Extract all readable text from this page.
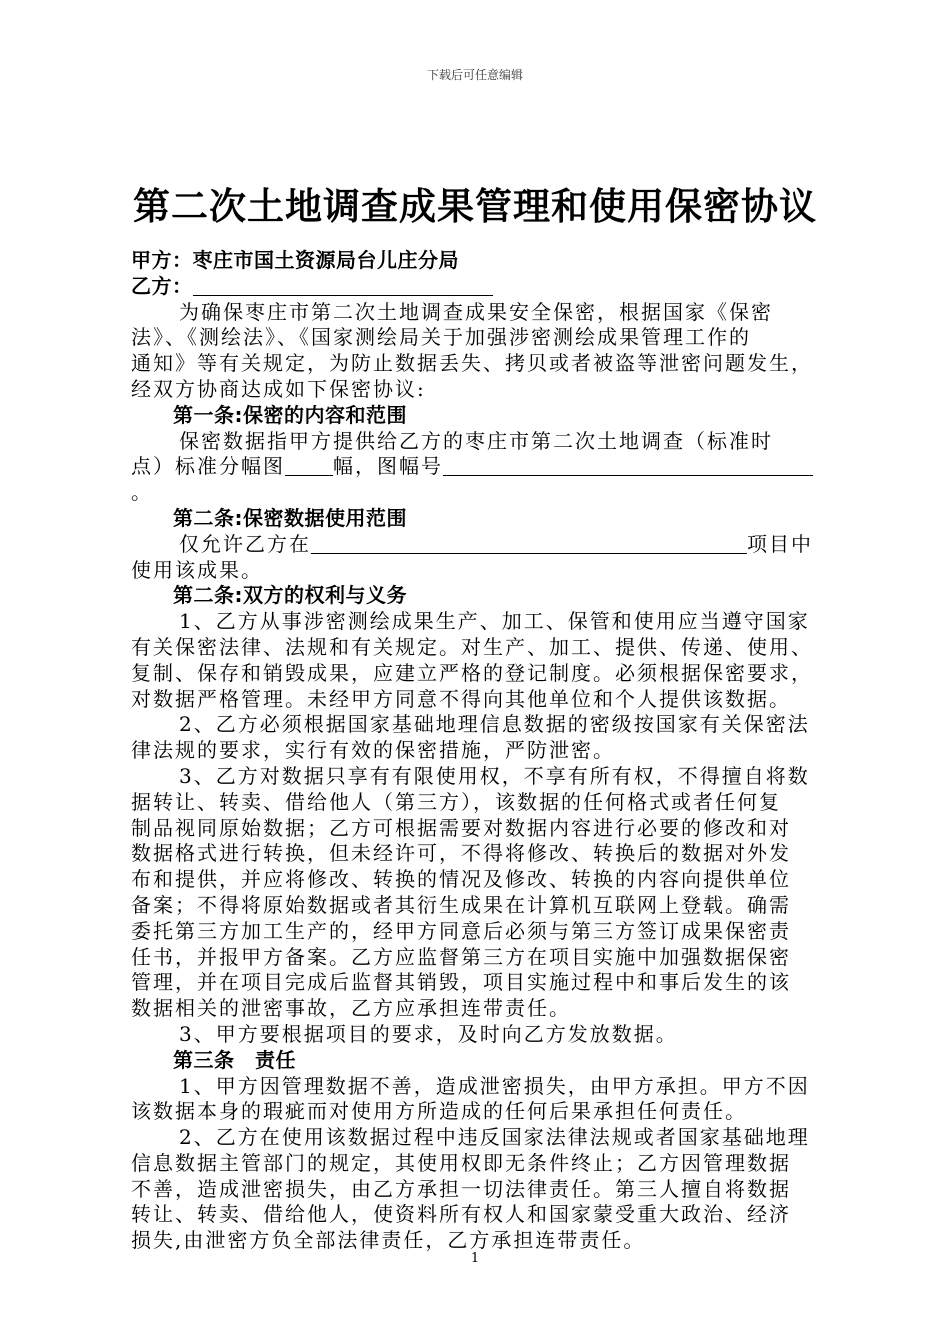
下载后可任意编辑
第二次土地调查成果管理和使用保密协议
甲方：枣庄市国土资源局台儿庄分局
乙方：
为确保枣庄市第二次土地调查成果安全保密，根据国家《保密
法》、《测绘法》、《国家测绘局关于加强涉密测绘成果管理工作的
通知》等有关规定，为防止数据丢失、拷贝或者被盗等泄密问题发生，
经双方协商达成如下保密协议:
第一条:保密的内容和范围
保密数据指甲方提供给乙方的枣庄市第二次土地调查（标准时
点）标准分幅图 幅，图幅号
。
第二条:保密数据使用范围
仅允许乙方在	项目中
使用该成果。
第二条:双方的权利与义务
1、乙方从事涉密测绘成果生产、加工、保管和使用应当遵守国家
有关保密法律、法规和有关规定。对生产、加工、提供、传递、使用、
复制、保存和销毁成果，应建立严格的登记制度。必须根据保密要求，
对数据严格管理。未经甲方同意不得向其他单位和个人提供该数据。
2、乙方必须根据国家基础地理信息数据的密级按国家有关保密法
律法规的要求，实行有效的保密措施，严防泄密。
3、乙方对数据只享有有限使用权，不享有所有权，不得擅自将数
据转让、转卖、借给他人（第三方），该数据的任何格式或者任何复
制品视同原始数据；乙方可根据需要对数据内容进行必要的修改和对
数据格式进行转换，但未经许可，不得将修改、转换后的数据对外发
布和提供，并应将修改、转换的情况及修改、转换的内容向提供单位
备案；不得将原始数据或者其衍生成果在计算机互联网上登载。确需
委托第三方加工生产的，经甲方同意后必须与第三方签订成果保密责
任书，并报甲方备案。乙方应监督第三方在项目实施中加强数据保密
管理，并在项目完成后监督其销毁，项目实施过程中和事后发生的该
数据相关的泄密事故，乙方应承担连带责任。
3、甲方要根据项目的要求，及时向乙方发放数据。
第三条　责任
1、甲方因管理数据不善，造成泄密损失，由甲方承担。甲方不因
该数据本身的瑕疵而对使用方所造成的任何后果承担任何责任。
2、乙方在使用该数据过程中违反国家法律法规或者国家基础地理
信息数据主管部门的规定，其使用权即无条件终止；乙方因管理数据
不善，造成泄密损失，由乙方承担一切法律责任。第三人擅自将数据
转让、转卖、借给他人，使资料所有权人和国家蒙受重大政治、经济
损失,由泄密方负全部法律责任，乙方承担连带责任。
1
